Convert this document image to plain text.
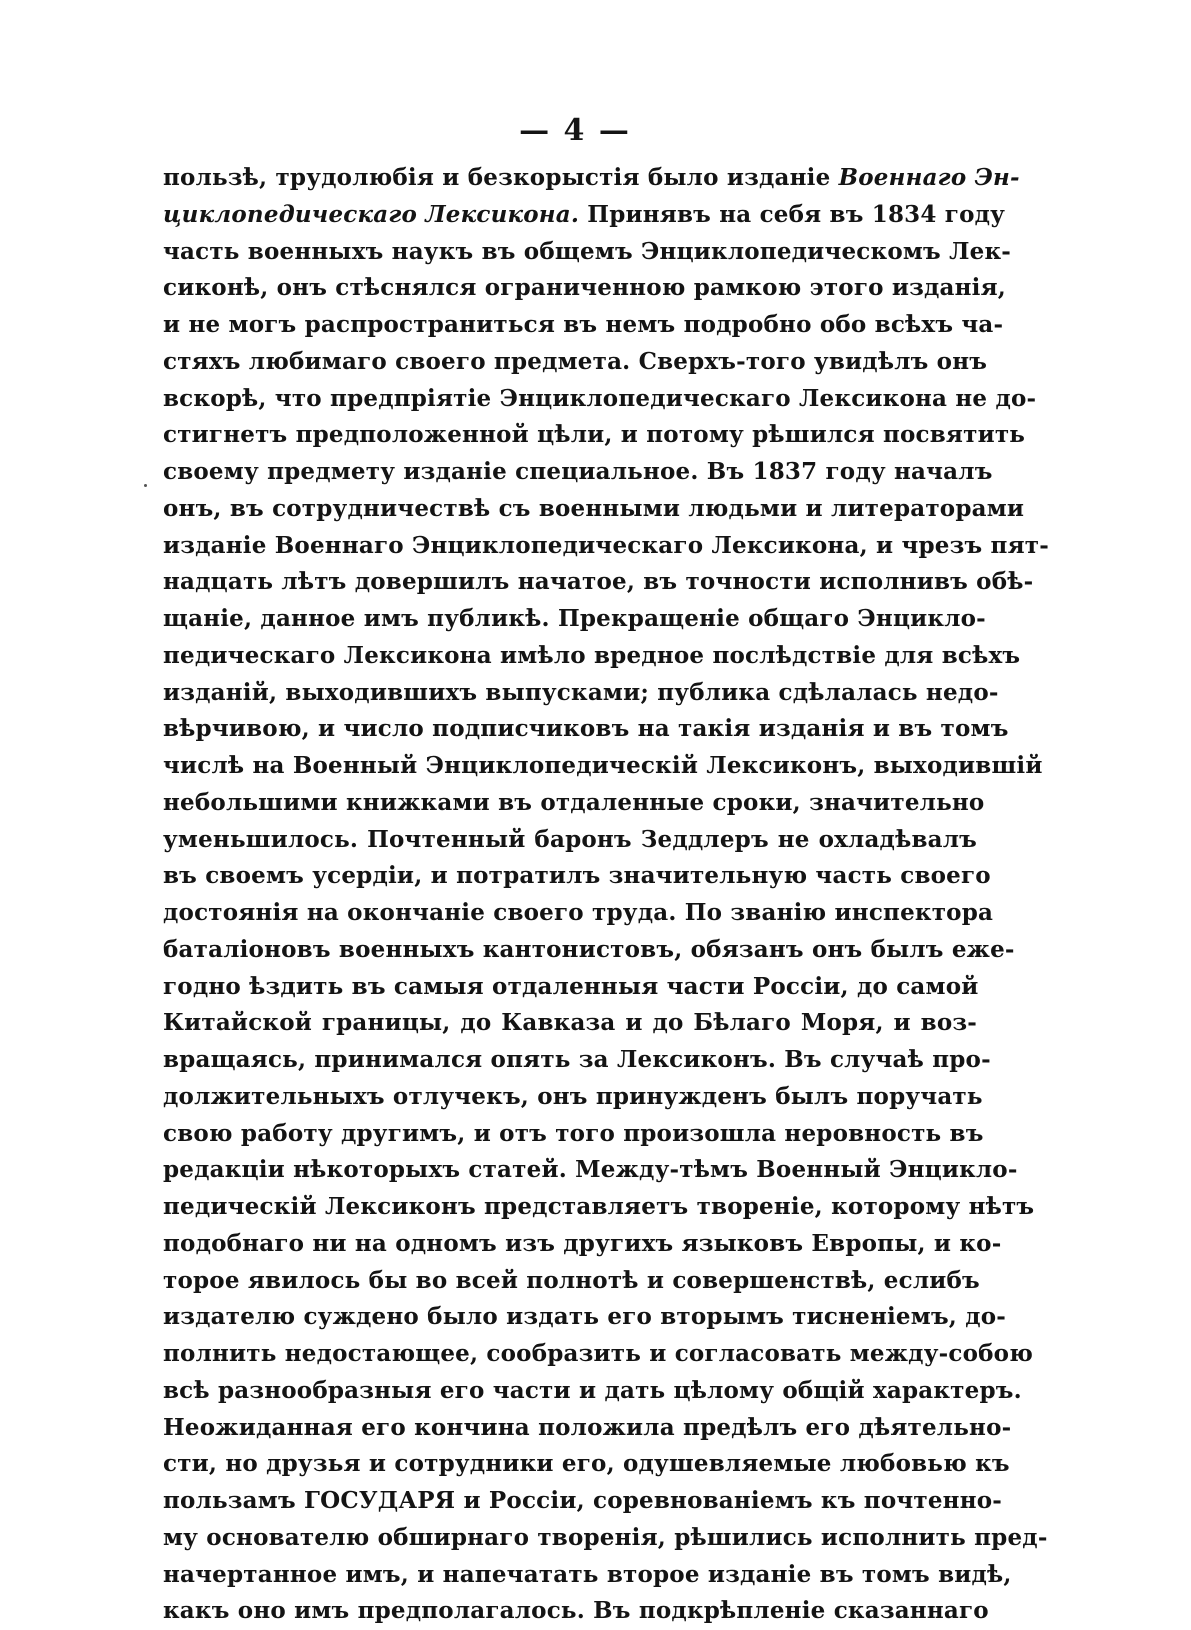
— 4 —
пользѣ, трудолюбія и безкорыстія было изданіе Военнаго Эн-
циклопедическаго Лексикона. Принявъ на себя въ 1834 году
часть военныхъ наукъ въ общемъ Энциклопедическомъ Лек-
сиконѣ, онъ стѣснялся ограниченною рамкою этого изданія,
и не могъ распространиться въ немъ подробно обо всѣхъ ча-
стяхъ любимаго своего предмета. Сверхъ-того увидѣлъ онъ
вскорѣ, что предпріятіе Энциклопедическаго Лексикона не до-
стигнетъ предположенной цѣли, и потому рѣшился посвятить
своему предмету изданіе специальное. Въ 1837 году началъ
онъ, въ сотрудничествѣ съ военными людьми и литераторами
изданіе Военнаго Энциклопедическаго Лексикона, и чрезъ пят-
надцать лѣтъ довершилъ начатое, въ точности исполнивъ обѣ-
щаніе, данное имъ публикѣ. Прекращеніе общаго Энциклo-
педическаго Лексикона имѣло вредное послѣдствіе для всѣхъ
изданій, выходившихъ выпусками; публика сдѣлалась недо-
вѣрчивою, и число подписчиковъ на такія изданія и въ томъ
числѣ на Военный Энциклопедическій Лексиконъ, выходившій
небольшими книжками въ отдаленные сроки, значительно
уменьшилось. Почтенный баронъ Зеддлеръ не охладѣвалъ
въ своемъ усердіи, и потратилъ значительную часть своего
достоянія на окончаніе своего труда. По званію инспектора
баталіоновъ военныхъ кантонистовъ, обязанъ онъ былъ еже-
годно ѣздить въ самыя отдаленныя части Россіи, до самой
Китайской границы, до Кавказа и до Бѣлаго Моря, и воз-
вращаясь, принимался опять за Лексиконъ. Въ случаѣ про-
должительныхъ отлучекъ, онъ принужденъ былъ поручать
свою работу другимъ, и отъ того произошла неровность въ
редакціи нѣкоторыхъ статей. Между-тѣмъ Военный Энциклo-
педическій Лексиконъ представляетъ твореніе, которому нѣтъ
подобнаго ни на одномъ изъ другихъ языковъ Европы, и ко-
торое явилось бы во всей полнотѣ и совершенствѣ, еслибъ
издателю суждено было издать его вторымъ тисненіемъ, до-
полнить недостающее, сообразить и согласовать между-собою
всѣ разнообразныя его части и дать цѣлому общій характеръ.
Неожиданная его кончина положила предѣлъ его дѣятельно-
сти, но друзья и сотрудники его, одушевляемые любовью къ
пользамъ ГОСУДАРЯ и Россіи, соревнованіемъ къ почтенно-
му основателю обширнаго творенія, рѣшились исполнить пред-
начертанное имъ, и напечатать второе изданіе въ томъ видѣ,
какъ оно имъ предполагалось. Въ подкрѣпленіе сказаннаго
